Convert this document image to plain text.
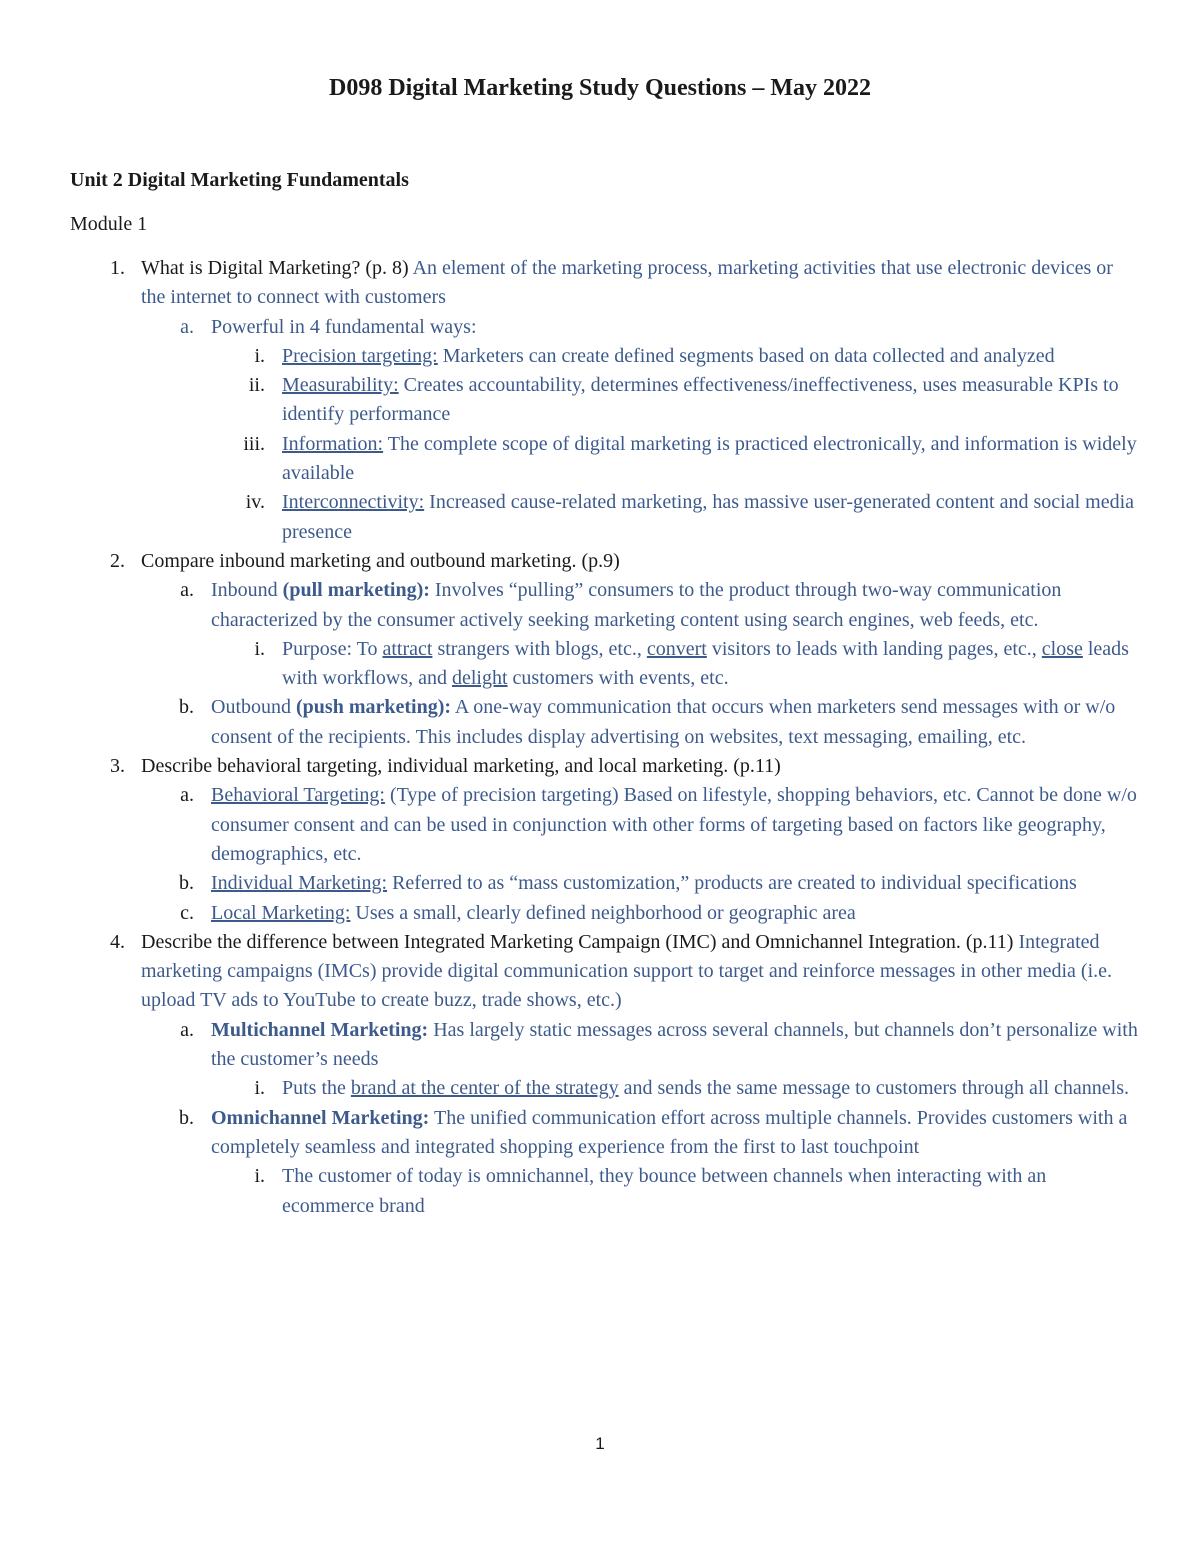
D098 Digital Marketing Study Questions – May 2022
Unit 2 Digital Marketing Fundamentals
Module 1
1. What is Digital Marketing? (p. 8) An element of the marketing process, marketing activities that use electronic devices or the internet to connect with customers
a. Powerful in 4 fundamental ways:
i. Precision targeting: Marketers can create defined segments based on data collected and analyzed
ii. Measurability: Creates accountability, determines effectiveness/ineffectiveness, uses measurable KPIs to identify performance
iii. Information: The complete scope of digital marketing is practiced electronically, and information is widely available
iv. Interconnectivity: Increased cause-related marketing, has massive user-generated content and social media presence
2. Compare inbound marketing and outbound marketing. (p.9)
a. Inbound (pull marketing): Involves “pulling” consumers to the product through two-way communication characterized by the consumer actively seeking marketing content using search engines, web feeds, etc.
i. Purpose: To attract strangers with blogs, etc., convert visitors to leads with landing pages, etc., close leads with workflows, and delight customers with events, etc.
b. Outbound (push marketing): A one-way communication that occurs when marketers send messages with or w/o consent of the recipients. This includes display advertising on websites, text messaging, emailing, etc.
3. Describe behavioral targeting, individual marketing, and local marketing. (p.11)
a. Behavioral Targeting: (Type of precision targeting) Based on lifestyle, shopping behaviors, etc. Cannot be done w/o consumer consent and can be used in conjunction with other forms of targeting based on factors like geography, demographics, etc.
b. Individual Marketing: Referred to as “mass customization,” products are created to individual specifications
c. Local Marketing: Uses a small, clearly defined neighborhood or geographic area
4. Describe the difference between Integrated Marketing Campaign (IMC) and Omnichannel Integration. (p.11) Integrated marketing campaigns (IMCs) provide digital communication support to target and reinforce messages in other media (i.e. upload TV ads to YouTube to create buzz, trade shows, etc.)
a. Multichannel Marketing: Has largely static messages across several channels, but channels don’t personalize with the customer’s needs
i. Puts the brand at the center of the strategy and sends the same message to customers through all channels.
b. Omnichannel Marketing: The unified communication effort across multiple channels. Provides customers with a completely seamless and integrated shopping experience from the first to last touchpoint
i. The customer of today is omnichannel, they bounce between channels when interacting with an ecommerce brand
1
